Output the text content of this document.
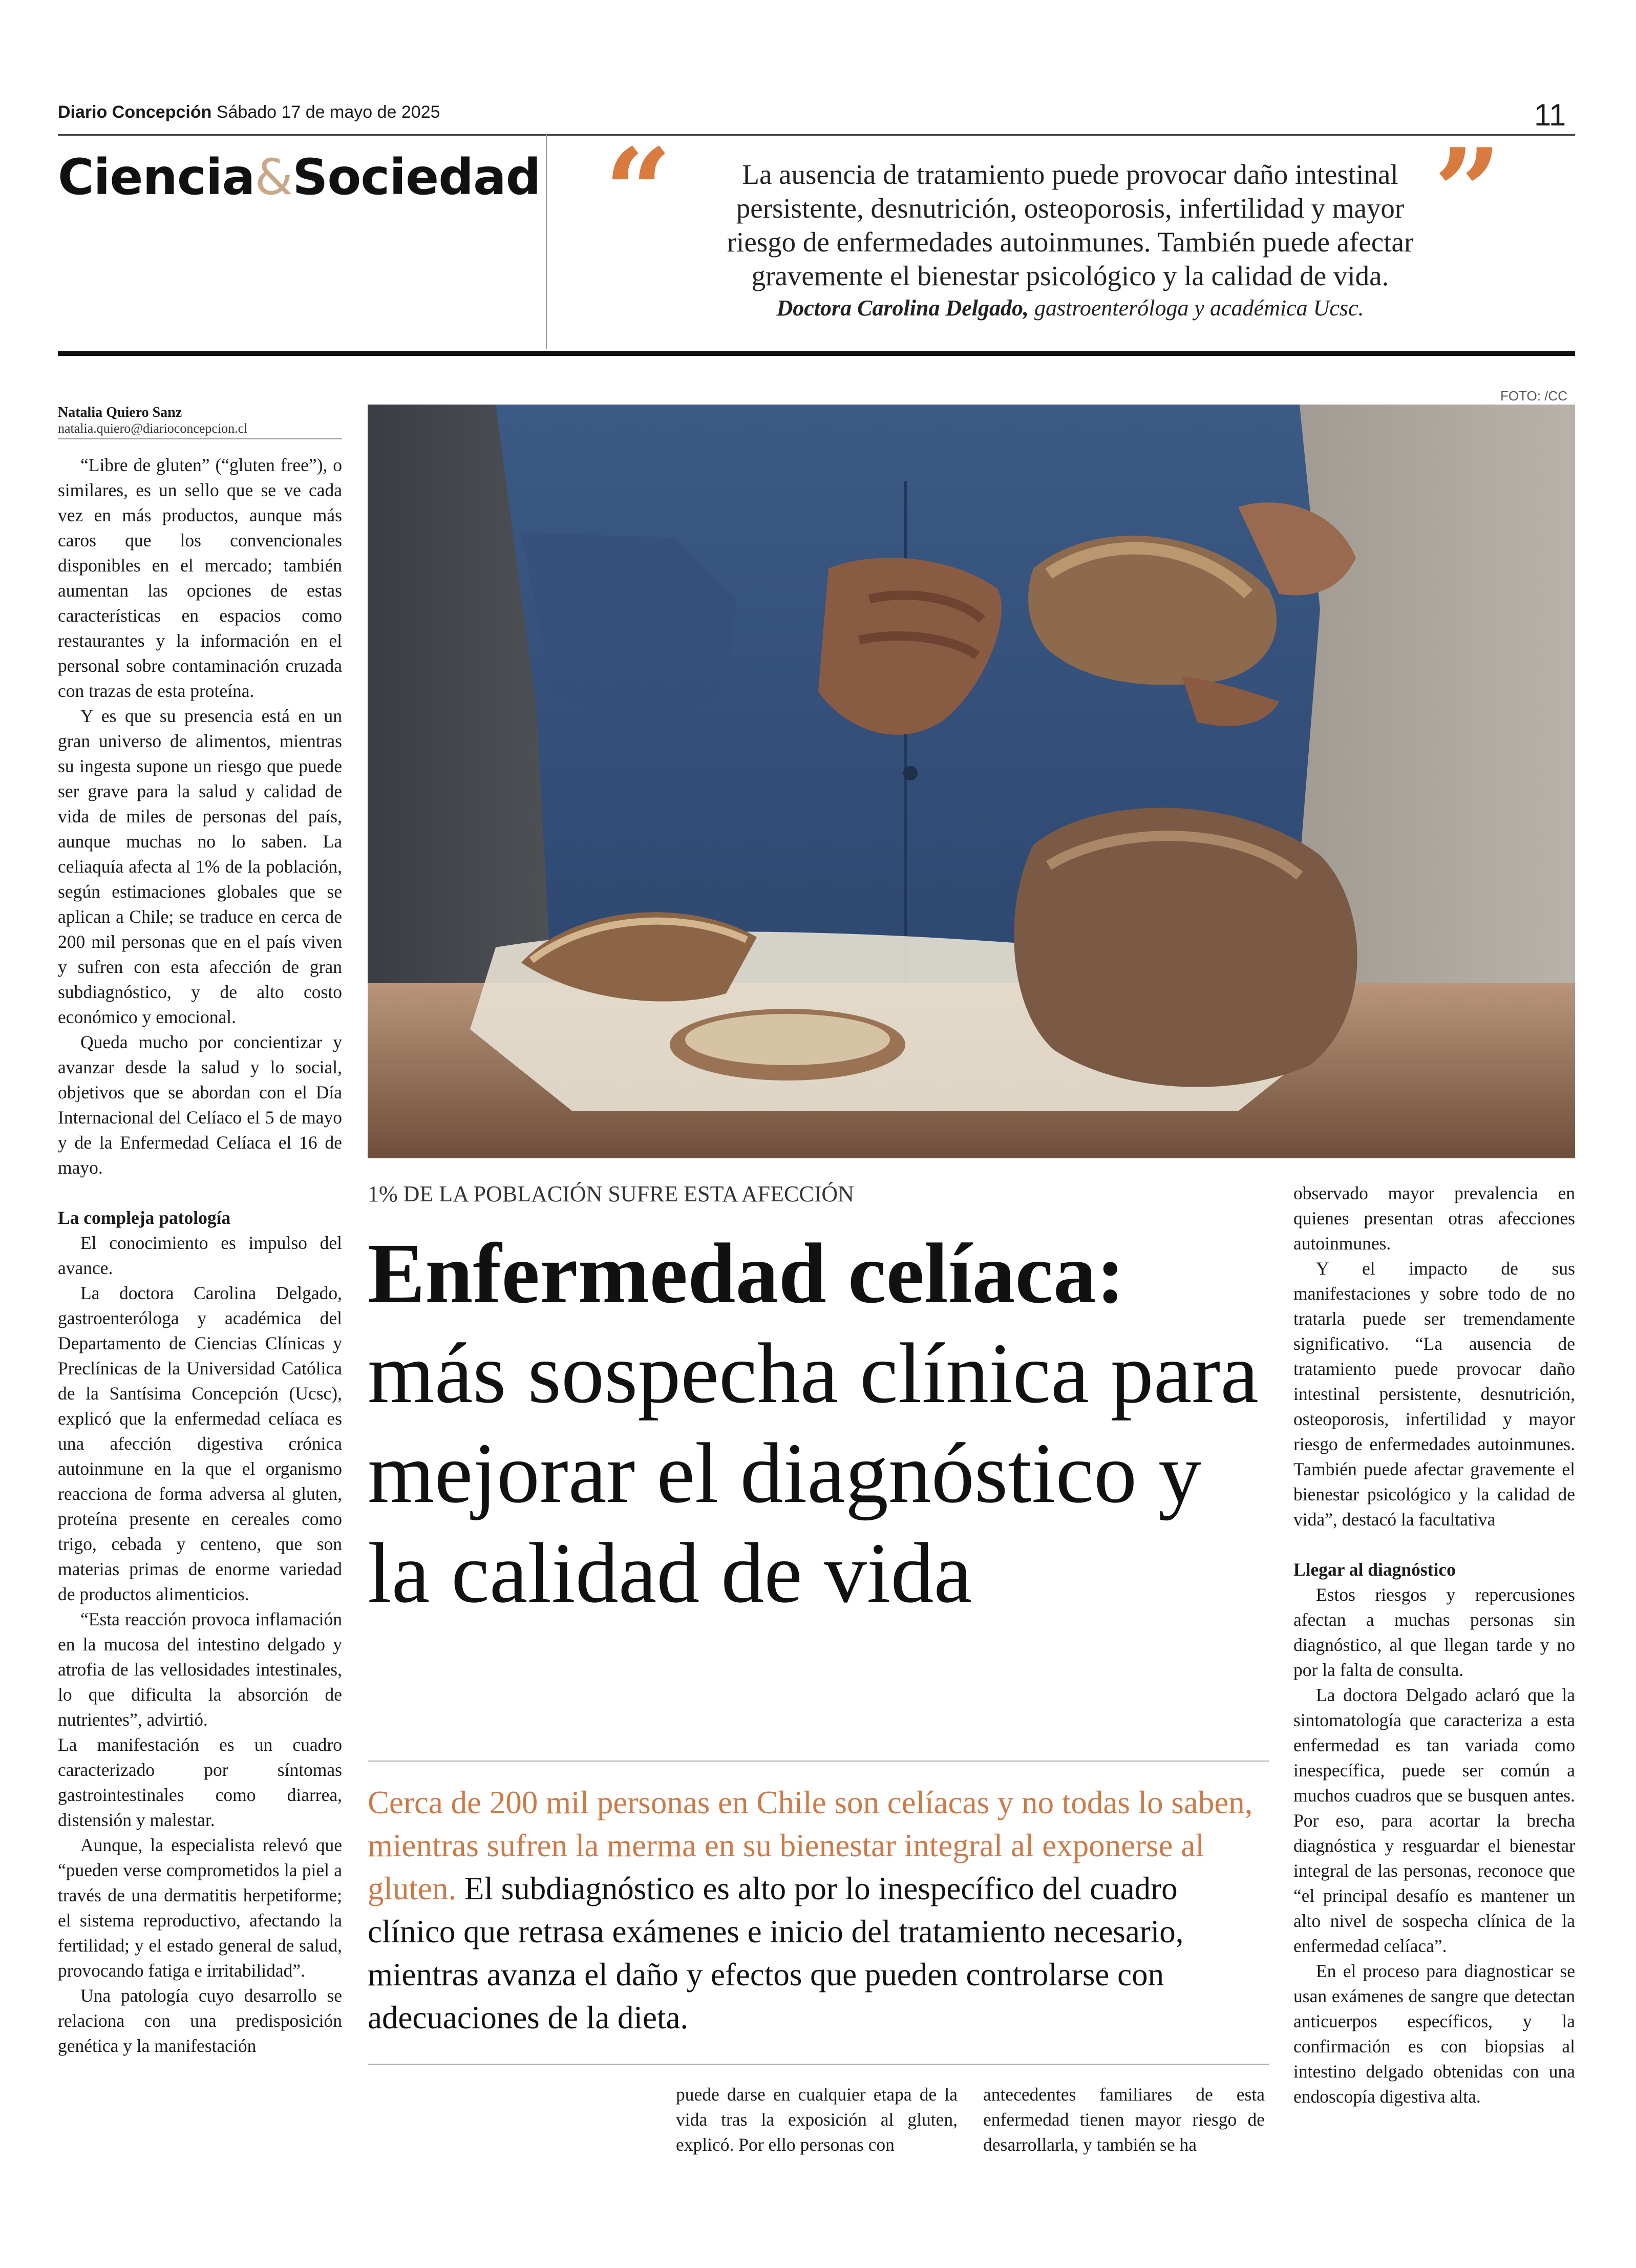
Diario Concepción Sábado 17 de mayo de 2025	11
Ciencia&Sociedad “	La ausencia de tratamiento puede provocar daño intestinal persistente, desnutrición, osteoporosis, infertilidad y mayor riesgo de enfermedades autoinmunes. También puede afectar gravemente el bienestar psicológico y la calidad de vida.
Doctora Carolina Delgado, gastroenteróloga y académica Ucsc.
”
FOTO: /CC
Natalia Quiero Sanz
natalia.quiero@diarioconcepcion.cl

“Libre de gluten” (“gluten free”), o similares, es un sello que se ve cada vez en más productos, aunque más caros que los convencionales disponibles en el mercado; también aumentan las opciones de estas características en espacios como restaurantes y la información en el personal sobre contaminación cruzada con trazas de esta proteína.

Y es que su presencia está en un gran universo de alimentos, mientras su ingesta supone un riesgo que puede ser grave para la salud y calidad de vida de miles de personas del país, aunque muchas no lo saben. La celiaquía afecta al 1% de la población, según estimaciones globales que se aplican a Chile; se traduce en cerca de 200 mil personas que en el país viven y sufren con esta afección de gran subdiagnóstico, y de alto costo económico y emocional.

Queda mucho por concientizar y avanzar desde la salud y lo social, objetivos que se abordan con el Día Internacional del Celíaco el 5 de mayo y de la Enfermedad Celíaca el 16 de mayo.

La compleja patología

El conocimiento es impulso del avance.

La doctora Carolina Delgado, gastroenteróloga y académica del Departamento de Ciencias Clínicas y Preclínicas de la Universidad Católica de la Santísima Concepción (Ucsc), explicó que la enfermedad celíaca es una afección digestiva crónica autoinmune en la que el organismo reacciona de forma adversa al gluten, proteína presente en cereales como trigo, cebada y centeno, que son materias primas de enorme variedad de productos alimenticios.

“Esta reacción provoca inflamación en la mucosa del intestino delgado y atrofia de las vellosidades intestinales, lo que dificulta la absorción de nutrientes”, advirtió.

La manifestación es un cuadro caracterizado por síntomas gastrointestinales como diarrea, distensión y malestar.

Aunque, la especialista relevó que “pueden verse comprometidos la piel a través de una dermatitis herpetiforme; el sistema reproductivo, afectando la fertilidad; y el estado general de salud, provocando fatiga e irritabilidad”.

Una patología cuyo desarrollo se relaciona con una predisposición genética y la manifestación

1% DE LA POBLACIÓN SUFRE ESTA AFECCIÓN
Enfermedad celíaca:
más sospecha clínica para mejorar el diagnóstico y la calidad de vida
Cerca de 200 mil personas en Chile son celíacas y no todas lo saben, mientras sufren la merma en su bienestar integral al exponerse al gluten. El subdiagnóstico es alto por lo inespecífico del cuadro clínico que retrasa exámenes e inicio del tratamiento necesario, mientras avanza el daño y efectos que pueden controlarse con adecuaciones de la dieta.

puede darse en cualquier etapa de la vida tras la exposición al gluten, explicó. Por ello personas con

antecedentes familiares de esta enfermedad tienen mayor riesgo de desarrollarla, y también se ha

observado mayor prevalencia en quienes presentan otras afecciones autoinmunes.

Y el impacto de sus manifestaciones y sobre todo de no tratarla puede ser tremendamente significativo. “La ausencia de tratamiento puede provocar daño intestinal persistente, desnutrición, osteoporosis, infertilidad y mayor riesgo de enfermedades autoinmunes. También puede afectar gravemente el bienestar psicológico y la calidad de vida”, destacó la facultativa

Llegar al diagnóstico

Estos riesgos y repercusiones afectan a muchas personas sin diagnóstico, al que llegan tarde y no por la falta de consulta.

La doctora Delgado aclaró que la sintomatología que caracteriza a esta enfermedad es tan variada como inespecífica, puede ser común a muchos cuadros que se busquen antes. Por eso, para acortar la brecha diagnóstica y resguardar el bienestar integral de las personas, reconoce que “el principal desafío es mantener un alto nivel de sospecha clínica de la enfermedad celíaca”.

En el proceso para diagnosticar se usan exámenes de sangre que detectan anticuerpos específicos, y la confirmación es con biopsias al intestino delgado obtenidas con una endoscopía digestiva alta.
